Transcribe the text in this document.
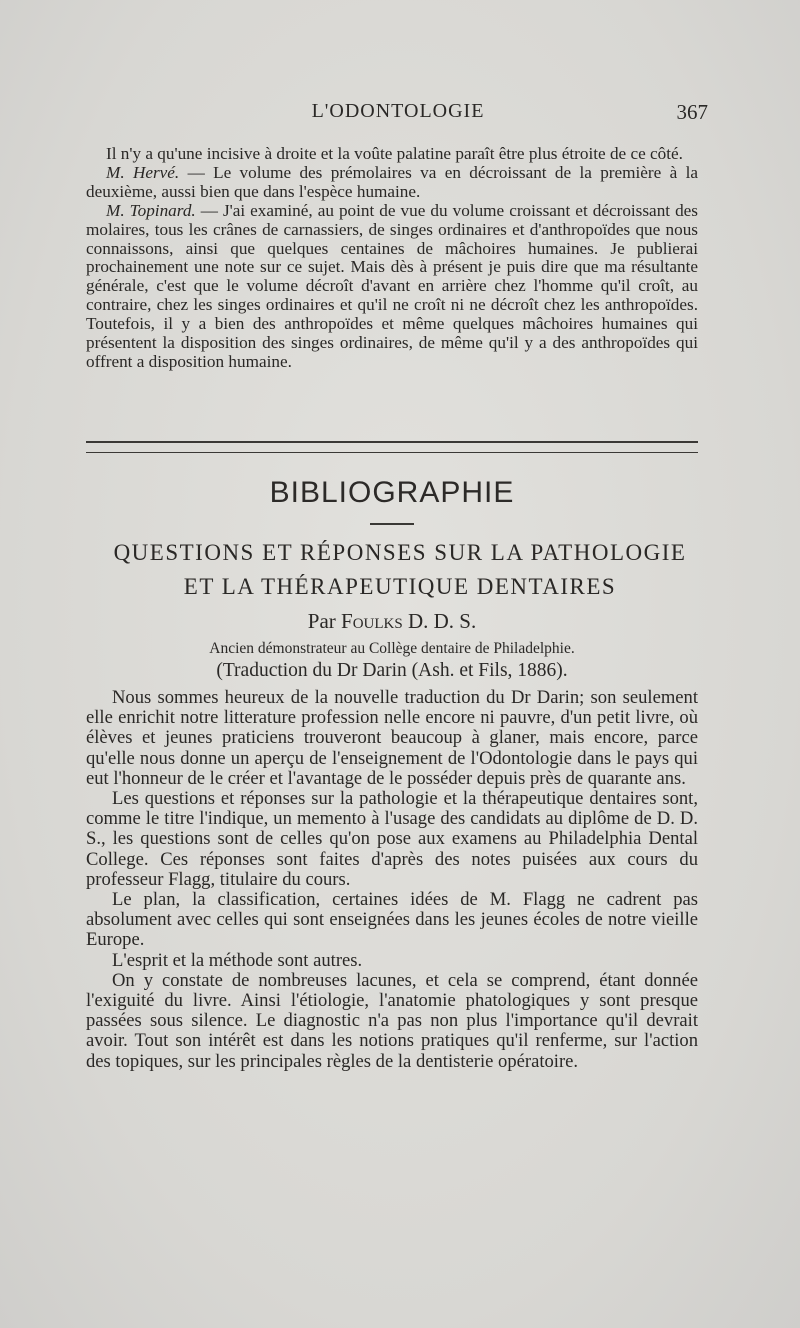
L'ODONTOLOGIE	367

Il n'y a qu'une incisive à droite et la voûte palatine paraît être plus étroite de ce côté.

M. Hervé. — Le volume des prémolaires va en décroissant de la première à la deuxième, aussi bien que dans l'espèce humaine.

M. Topinard. — J'ai examiné, au point de vue du volume croissant et décroissant des molaires, tous les crânes de carnassiers, de singes ordinaires et d'anthropoïdes que nous connaissons, ainsi que quelques centaines de mâchoires humaines. Je publierai prochainement une note sur ce sujet. Mais dès à présent je puis dire que ma résultante générale, c'est que le volume décroît d'avant en arrière chez l'homme qu'il croît, au contraire, chez les singes ordinaires et qu'il ne croît ni ne décroît chez les anthropoïdes. Toutefois, il y a bien des anthropoïdes et même quelques mâchoires humaines qui présentent la disposition des singes ordinaires, de même qu'il y a des anthropoïdes qui offrent a disposition humaine.

BIBLIOGRAPHIE
QUESTIONS ET RÉPONSES SUR LA PATHOLOGIE
ET LA THÉRAPEUTIQUE DENTAIRES
Par Foulks D. D. S.
Ancien démonstrateur au Collège dentaire de Philadelphie.
(Traduction du Dr Darin (Ash. et Fils, 1886).

Nous sommes heureux de la nouvelle traduction du Dr Darin; son seulement elle enrichit notre litterature profession nelle encore ni pauvre, d'un petit livre, où élèves et jeunes praticiens trouveront beaucoup à glaner, mais encore, parce qu'elle nous donne un aperçu de l'enseignement de l'Odontologie dans le pays qui eut l'honneur de le créer et l'avantage de le posséder depuis près de quarante ans.

Les questions et réponses sur la pathologie et la thérapeutique dentaires sont, comme le titre l'indique, un memento à l'usage des candidats au diplôme de D. D. S., les questions sont de celles qu'on pose aux examens au Philadelphia Dental College. Ces réponses sont faites d'après des notes puisées aux cours du professeur Flagg, titulaire du cours.

Le plan, la classification, certaines idées de M. Flagg ne cadrent pas absolument avec celles qui sont enseignées dans les jeunes écoles de notre vieille Europe.

L'esprit et la méthode sont autres.

On y constate de nombreuses lacunes, et cela se comprend, étant donnée l'exiguité du livre. Ainsi l'étiologie, l'anatomie phatologiques y sont presque passées sous silence. Le diagnostic n'a pas non plus l'importance qu'il devrait avoir. Tout son intérêt est dans les notions pratiques qu'il renferme, sur l'action des topiques, sur les principales règles de la dentisterie opératoire.
